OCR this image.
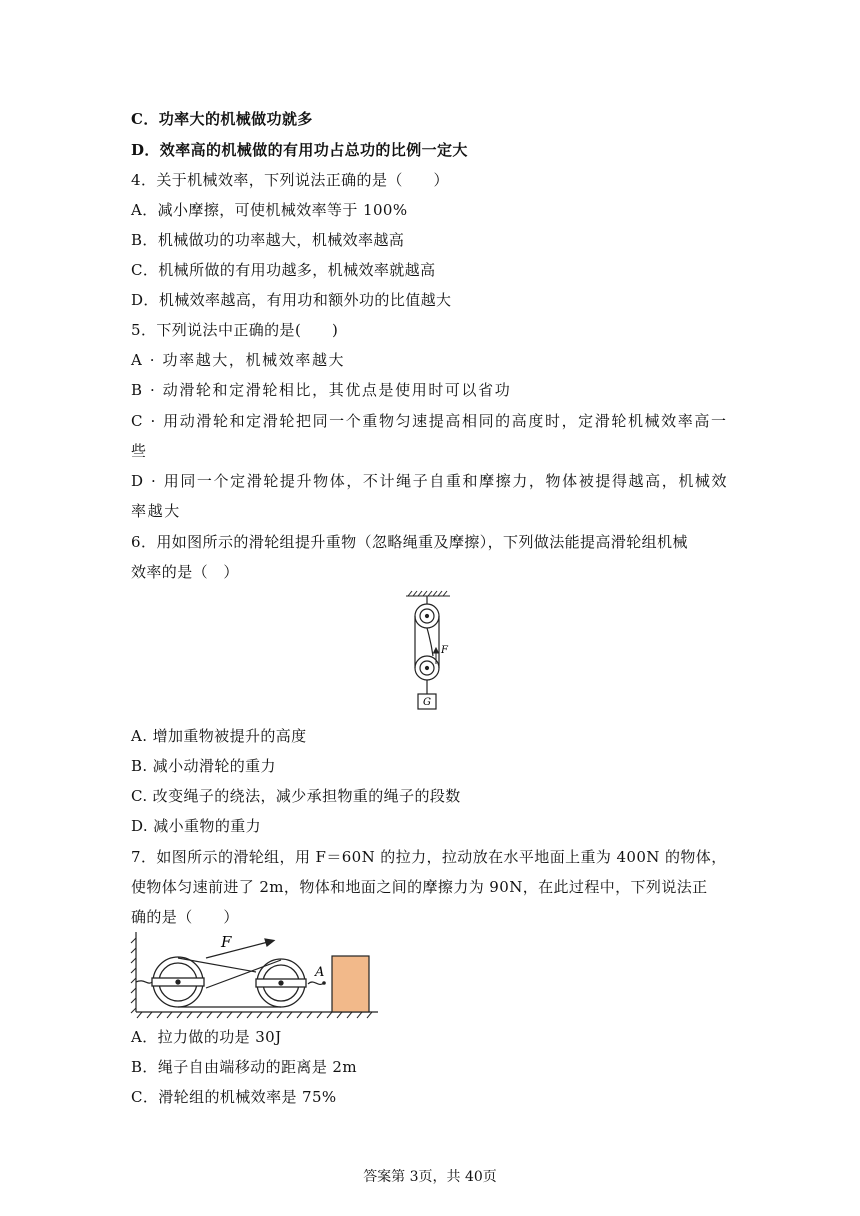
C．功率大的机械做功就多
D．效率高的机械做的有用功占总功的比例一定大
4．关于机械效率，下列说法正确的是（　　）
A．减小摩擦，可使机械效率等于 100%
B．机械做功的功率越大，机械效率越高
C．机械所做的有用功越多，机械效率就越高
D．机械效率越高，有用功和额外功的比值越大
5．下列说法中正确的是(　　)
A · 功率越大，机械效率越大
B · 动滑轮和定滑轮相比，其优点是使用时可以省功
C · 用动滑轮和定滑轮把同一个重物匀速提高相同的高度时，定滑轮机械效率高一
些
D · 用同一个定滑轮提升物体，不计绳子自重和摩擦力，物体被提得越高，机械效
率越大
6．用如图所示的滑轮组提升重物（忽略绳重及摩擦），下列做法能提高滑轮组机械
效率的是（　）
F
G
A. 增加重物被提升的高度
B. 减小动滑轮的重力
C. 改变绳子的绕法，减少承担物重的绳子的段数
D. 减小重物的重力
7．如图所示的滑轮组，用 F＝60N 的拉力，拉动放在水平地面上重为 400N 的物体，
使物体匀速前进了 2m，物体和地面之间的摩擦力为 90N，在此过程中，下列说法正
确的是（　　）
F
A
A．拉力做的功是 30J
B．绳子自由端移动的距离是 2m
C．滑轮组的机械效率是 75%
答案第 3页，共 40页
